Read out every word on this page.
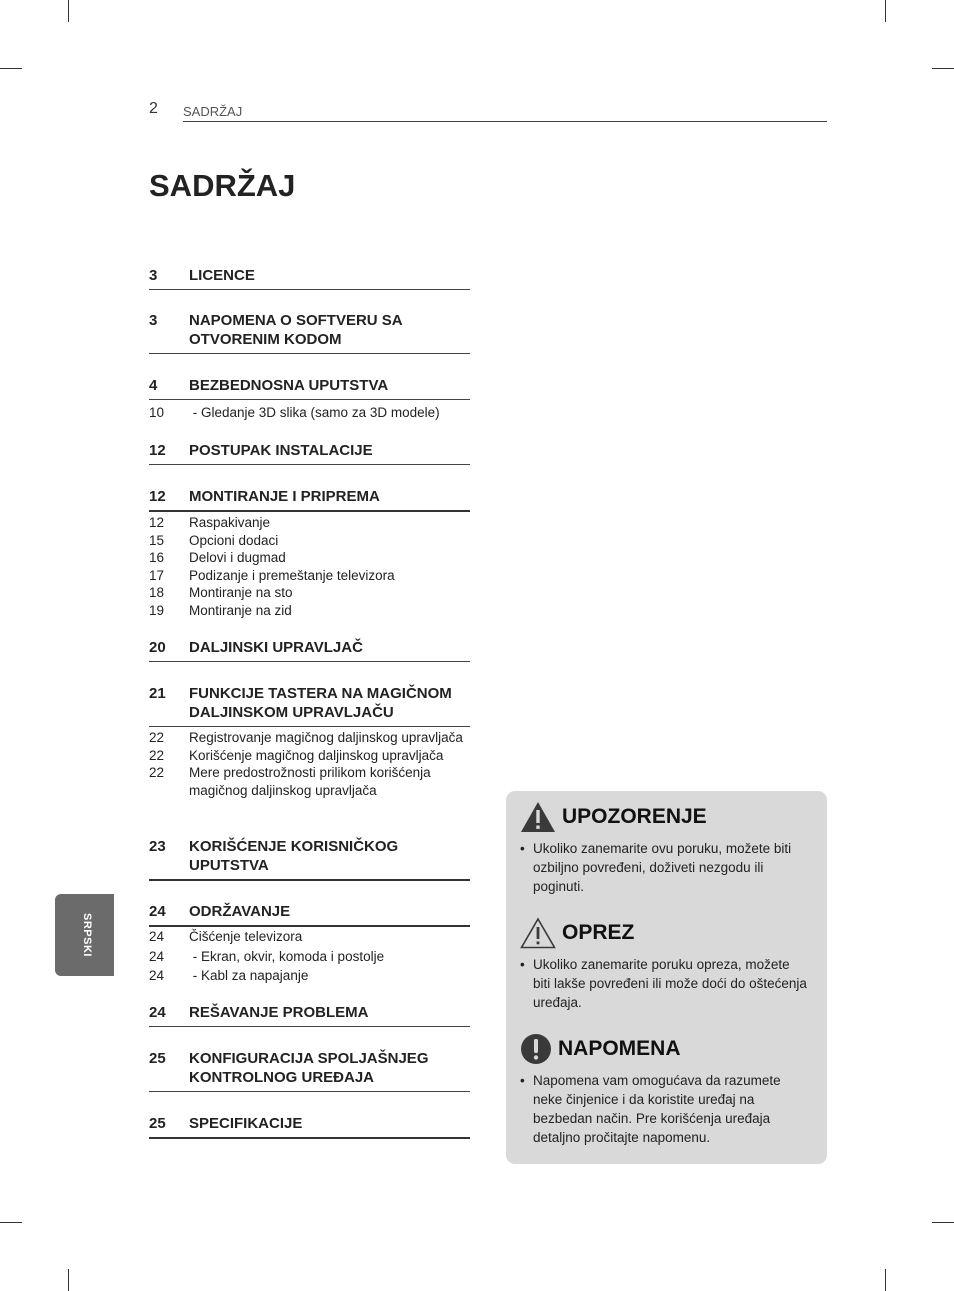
2 SADRŽAJ
SADRŽAJ
3	LICENCE
3	NAPOMENA O SOFTVERU SA OTVORENIM KODOM
4	BEZBEDNOSNA UPUTSTVA
10	- Gledanje 3D slika (samo za 3D modele)
12	POSTUPAK INSTALACIJE
12	MONTIRANJE I PRIPREMA
12	Raspakivanje
15	Opcioni dodaci
16	Delovi i dugmad
17	Podizanje i premeštanje televizora
18	Montiranje na sto
19	Montiranje na zid
20	DALJINSKI UPRAVLJAČ
21	FUNKCIJE TASTERA NA MAGIČNOM DALJINSKOM UPRAVLJAČU
22	Registrovanje magičnog daljinskog upravljača
22	Korišćenje magičnog daljinskog upravljača
22	Mere predostrožnosti prilikom korišćenja magičnog daljinskog upravljača
23	KORIŠĆENJE KORISNIČKOG UPUTSTVA
24	ODRŽAVANJE
24	Čišćenje televizora
24	- Ekran, okvir, komoda i postolje
24	- Kabl za napajanje
24	REŠAVANJE PROBLEMA
25	KONFIGURACIJA SPOLJAŠNJEG KONTROLNOG UREĐAJA
25	SPECIFIKACIJE
SRPSKI
UPOZORENJE
• Ukoliko zanemarite ovu poruku, možete biti ozbiljno povređeni, doživeti nezgodu ili poginuti.
OPREZ
• Ukoliko zanemarite poruku opreza, možete biti lakše povređeni ili može doći do oštećenja uređaja.
NAPOMENA
• Napomena vam omogućava da razumete neke činjenice i da koristite uređaj na bezbedan način. Pre korišćenja uređaja detaljno pročitajte napomenu.
